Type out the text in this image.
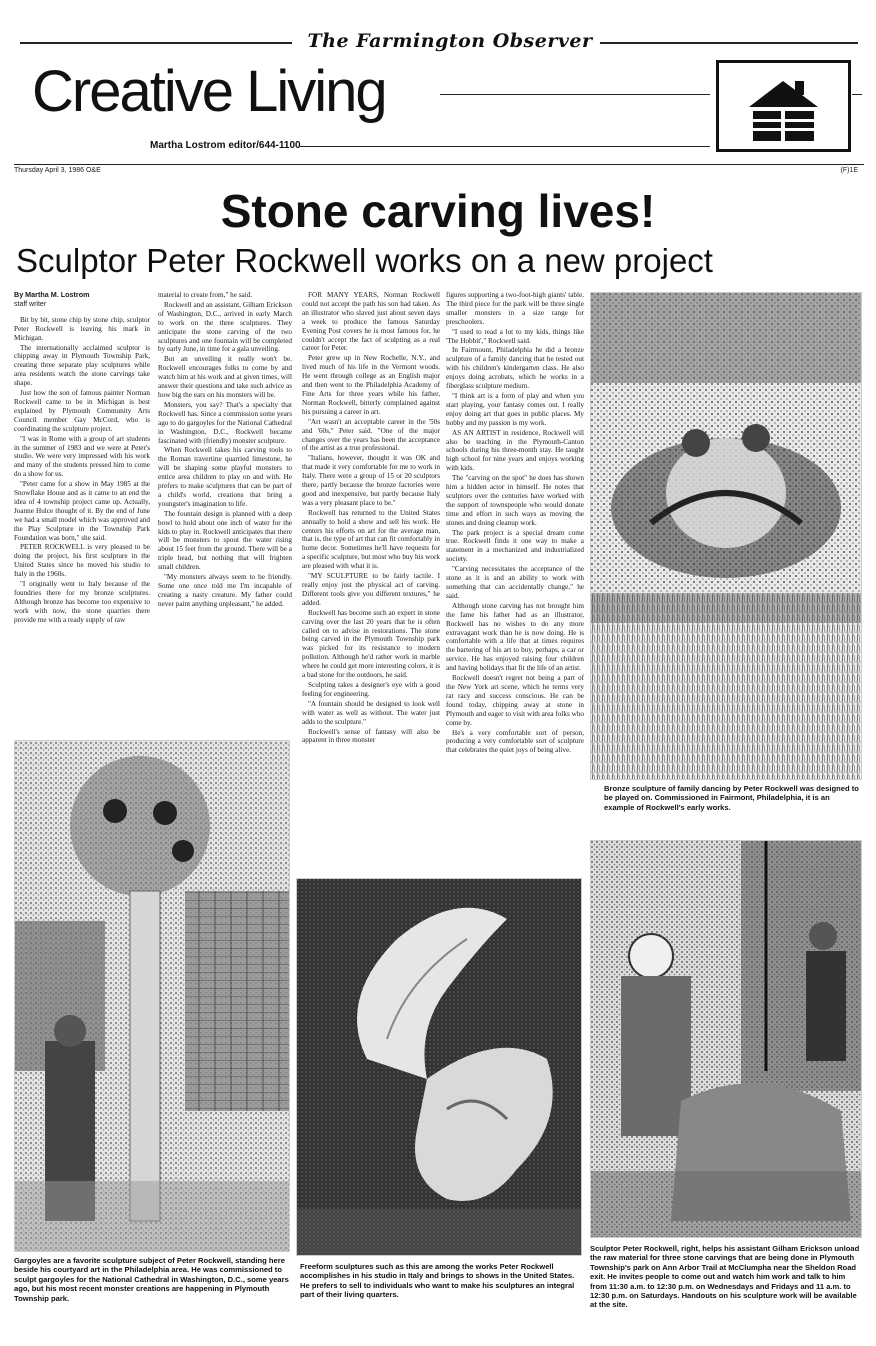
The Farmington Observer
Creative Living
Martha Lostrom editor/644-1100
Thursday April 3, 1986 O&E	(F)1E
Stone carving lives!
Sculptor Peter Rockwell works on a new project

By Martha M. Lostrom

staff writer

Bit by bit, stone chip by stone chip, sculptor Peter Rockwell is leaving his mark in Michigan.

The internationally acclaimed sculptor is chipping away in Plymouth Township Park, creating three separate play sculptures while area residents watch the stone carvings take shape.

Just how the son of famous painter Norman Rockwell came to be in Michigan is best explained by Plymouth Community Arts Council member Gay McCord, who is coordinating the sculpture project.

"I was in Rome with a group of art students in the summer of 1983 and we were at Peter's studio. We were very impressed with his work and many of the students pressed him to come do a show for us.

"Peter came for a show in May 1985 at the Snowflake House and as it came to an end the idea of 4 township project came up. Actually, Joanne Hulce thought of it. By the end of June we had a small model which was approved and the Play Sculpture in the Township Park Foundation was born," she said.

PETER ROCKWELL is very pleased to be doing the project, his first sculpture in the United States since he moved his studio to Italy in the 1960s.

"I originally went to Italy because of the foundries there for my bronze sculptures. Although bronze has become too expensive to work with now, the stone quarries there provide me with a ready supply of raw

material to create from," he said.

Rockwell and an assistant, Gilham Erickson of Washington, D.C., arrived in early March to work on the three sculptures. They anticipate the stone carving of the two sculptures and one fountain will be completed by early June, in time for a gala unveiling.

But an unveiling it really won't be. Rockwell encourages folks to come by and watch him at his work and at given times, will answer their questions and take such advice as how big the ears on his monsters will be.

Monsters, you say? That's a specialty that Rockwell has. Since a commission some years ago to do gargoyles for the National Cathedral in Washington, D.C., Rockwell became fascinated with (friendly) monster sculpture.

When Rockwell takes his carving tools to the Roman travertine quarried limestone, he will be shaping some playful monsters to entice area children to play on and with. He prefers to make sculptures that can be part of a child's world, creations that bring a youngster's imagination to life.

The fountain design is planned with a deep bowl to hold about one inch of water for the kids to play in. Rockwell anticipates that there will be monsters to spout the water rising about 15 feet from the ground. There will be a triple head, but nothing that will frighten small children.

"My monsters always seem to be friendly. Some one once told me I'm incapable of creating a nasty creature. My father could never paint anything unpleasant," he added.

FOR MANY YEARS, Norman Rockwell could not accept the path his son had taken. As an illustrator who slaved just about seven days a week to produce the famous Saturday Evening Post covers he is most famous for, he couldn't accept the fact of sculpting as a real career for Peter.

Peter grew up in New Rochelle, N.Y., and lived much of his life in the Vermont woods. He went through college as an English major and then went to the Philadelphia Academy of Fine Arts for three years while his father, Norman Rockwell, bitterly complained against his pursuing a career in art.

"Art wasn't an acceptable career in the '50s and '60s," Peter said. "One of the major changes over the years has been the acceptance of the artist as a true professional.

"Italians, however, thought it was OK and that made it very comfortable for me to work in Italy. There were a group of 15 or 20 sculptors there, partly because the bronze factories were good and inexpensive, but partly because Italy was a very pleasant place to be."

Rockwell has returned to the United States annually to hold a show and sell his work. He centers his efforts on art for the average man, that is, the type of art that can fit comfortably in home decor. Sometimes he'll have requests for a specific sculpture, but most who buy his work are pleased with what it is.

"MY SCULPTURE to be fairly tactile. I really enjoy just the physical act of carving. Different tools give you different textures," he added.

Rockwell has become such an expert in stone carving over the last 20 years that he is often called on to advise in restorations. The stone being carved in the Plymouth Township park was picked for its resistance to modern pollution. Although he'd rather work in marble where he could get more interesting colors, it is a bad stone for the outdoors, he said.

Sculpting takes a designer's eye with a good feeling for engineering.

"A fountain should be designed to look well with water as well as without. The water just adds to the sculpture."

Rockwell's sense of fantasy will also be apparent in three monster

figures supporting a two-foot-high giants' table. The third piece for the park will be three single smaller monsters in a size range for preschoolers.

"I used to read a lot to my kids, things like 'The Hobbit'," Rockwell said.

In Fairmount, Philadelphia he did a bronze sculpture of a family dancing that he tested out with his children's kindergarten class. He also enjoys doing acrobats, which he works in a fiberglass sculpture medium.

"I think art is a form of play and when you start playing, your fantasy comes out. I really enjoy doing art that goes in public places. My hobby and my passion is my work.

AS AN ARTIST in residence, Rockwell will also be teaching in the Plymouth-Canton schools during his three-month stay. He taught high school for nine years and enjoys working with kids.

The "carving on the spot" he does has shown him a hidden actor in himself. He notes that sculptors over the centuries have worked with the support of townspeople who would donate time and effort in such ways as moving the stones and doing cleanup work.

The park project is a special dream come true. Rockwell finds it one way to make a statement in a mechanized and industrialized society.

"Carving necessitates the acceptance of the stone as it is and an ability to work with something that can accidentally change," he said.

Although stone carving has not brought him the fame his father had as an illustrator, Rockwell has no wishes to do any more extravagant work than he is now doing. He is comfortable with a life that at times requires the bartering of his art to buy, perhaps, a car or service. He has enjoyed raising four children and having holidays that fit the life of an artist.

Rockwell doesn't regret not being a part of the New York art scene, which he terms very rat racy and success conscious. He can be found today, chipping away at stone in Plymouth and eager to visit with area folks who come by.

He's a very comfortable sort of person, producing a very comfortable sort of sculpture that celebrates the quiet joys of being alive.

Bronze sculpture of family dancing by Peter Rockwell was designed to be played on. Commissioned in Fairmont, Philadelphia, it is an example of Rockwell's early works.
Gargoyles are a favorite sculpture subject of Peter Rockwell, standing here beside his courtyard art in the Philadelphia area. He was commissioned to sculpt gargoyles for the National Cathedral in Washington, D.C., some years ago, but his most recent monster creations are happening in Plymouth Township park.
Freeform sculptures such as this are among the works Peter Rockwell accomplishes in his studio in Italy and brings to shows in the United States. He prefers to sell to individuals who want to make his sculptures an integral part of their living quarters.
Sculptor Peter Rockwell, right, helps his assistant Gilham Erickson unload the raw material for three stone carvings that are being done in Plymouth Township's park on Ann Arbor Trail at McClumpha near the Sheldon Road exit. He invites people to come out and watch him work and talk to him from 11:30 a.m. to 12:30 p.m. on Wednesdays and Fridays and 11 a.m. to 12:30 p.m. on Saturdays. Handouts on his sculpture work will be available at the site.
